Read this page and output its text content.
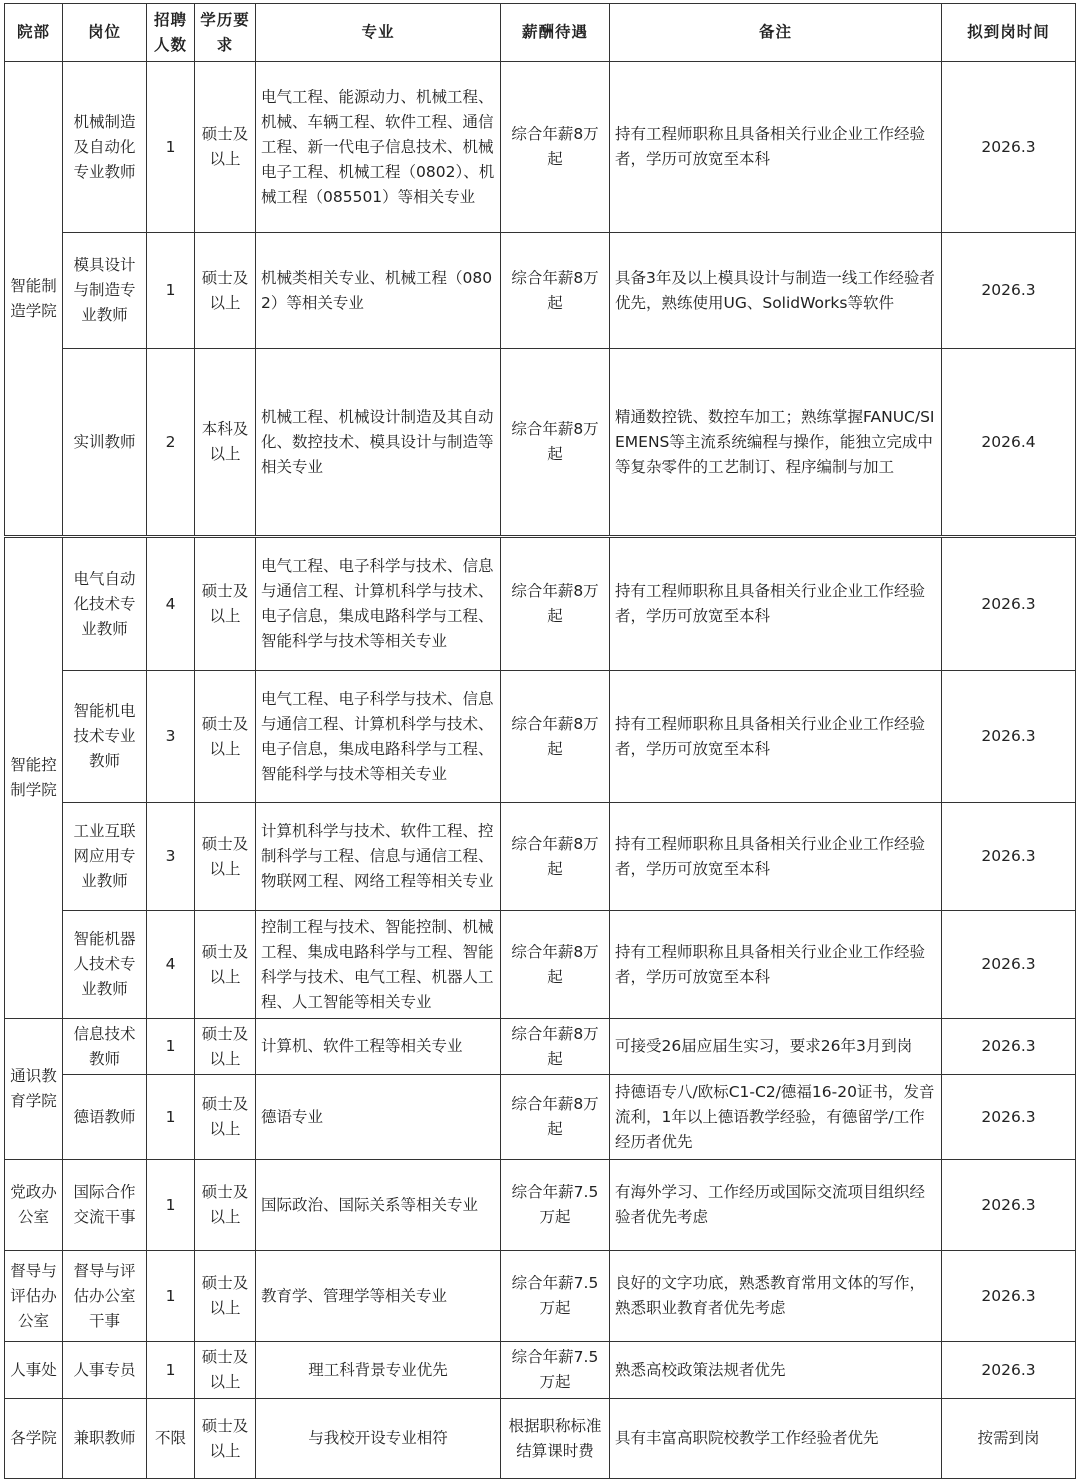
院部	岗位	招聘人数	学历要求	专业	薪酬待遇	备注	拟到岗时间
智能制造学院	机械制造及自动化专业教师	1	硕士及以上	电气工程、能源动力、机械工程、机械、车辆工程、软件工程、通信工程、新一代电子信息技术、机械电子工程、机械工程（0802）、机械工程（085501）等相关专业	综合年薪8万起	持有工程师职称且具备相关行业企业工作经验者，学历可放宽至本科	2026.3
	模具设计与制造专业教师	1	硕士及以上	机械类相关专业、机械工程（0802）等相关专业	综合年薪8万起	具备3年及以上模具设计与制造一线工作经验者优先，熟练使用UG、SolidWorks等软件	2026.3
	实训教师	2	本科及以上	机械工程、机械设计制造及其自动化、数控技术、模具设计与制造等相关专业	综合年薪8万起	精通数控铣、数控车加工；熟练掌握FANUC/SIEMENS等主流系统编程与操作，能独立完成中等复杂零件的工艺制订、程序编制与加工	2026.4
智能控制学院	电气自动化技术专业教师	4	硕士及以上	电气工程、电子科学与技术、信息与通信工程、计算机科学与技术、电子信息，集成电路科学与工程、智能科学与技术等相关专业	综合年薪8万起	持有工程师职称且具备相关行业企业工作经验者，学历可放宽至本科	2026.3
	智能机电技术专业教师	3	硕士及以上	电气工程、电子科学与技术、信息与通信工程、计算机科学与技术、电子信息，集成电路科学与工程、智能科学与技术等相关专业	综合年薪8万起	持有工程师职称且具备相关行业企业工作经验者，学历可放宽至本科	2026.3
	工业互联网应用专业教师	3	硕士及以上	计算机科学与技术、软件工程、控制科学与工程、信息与通信工程、物联网工程、网络工程等相关专业	综合年薪8万起	持有工程师职称且具备相关行业企业工作经验者，学历可放宽至本科	2026.3
	智能机器人技术专业教师	4	硕士及以上	控制工程与技术、智能控制、机械工程、集成电路科学与工程、智能科学与技术、电气工程、机器人工程、人工智能等相关专业	综合年薪8万起	持有工程师职称且具备相关行业企业工作经验者，学历可放宽至本科	2026.3
通识教育学院	信息技术教师	1	硕士及以上	计算机、软件工程等相关专业	综合年薪8万起	可接受26届应届生实习，要求26年3月到岗	2026.3
	德语教师	1	硕士及以上	德语专业	综合年薪8万起	持德语专八/欧标C1-C2/德福16-20证书，发音流利，1年以上德语教学经验，有德留学/工作经历者优先	2026.3
党政办公室	国际合作交流干事	1	硕士及以上	国际政治、国际关系等相关专业	综合年薪7.5万起	有海外学习、工作经历或国际交流项目组织经验者优先考虑	2026.3
督导与评估办公室	督导与评估办公室干事	1	硕士及以上	教育学、管理学等相关专业	综合年薪7.5万起	良好的文字功底，熟悉教育常用文体的写作，熟悉职业教育者优先考虑	2026.3
人事处	人事专员	1	硕士及以上	理工科背景专业优先	综合年薪7.5万起	熟悉高校政策法规者优先	2026.3
各学院	兼职教师	不限	硕士及以上	与我校开设专业相符	根据职称标准结算课时费	具有丰富高职院校教学工作经验者优先	按需到岗
